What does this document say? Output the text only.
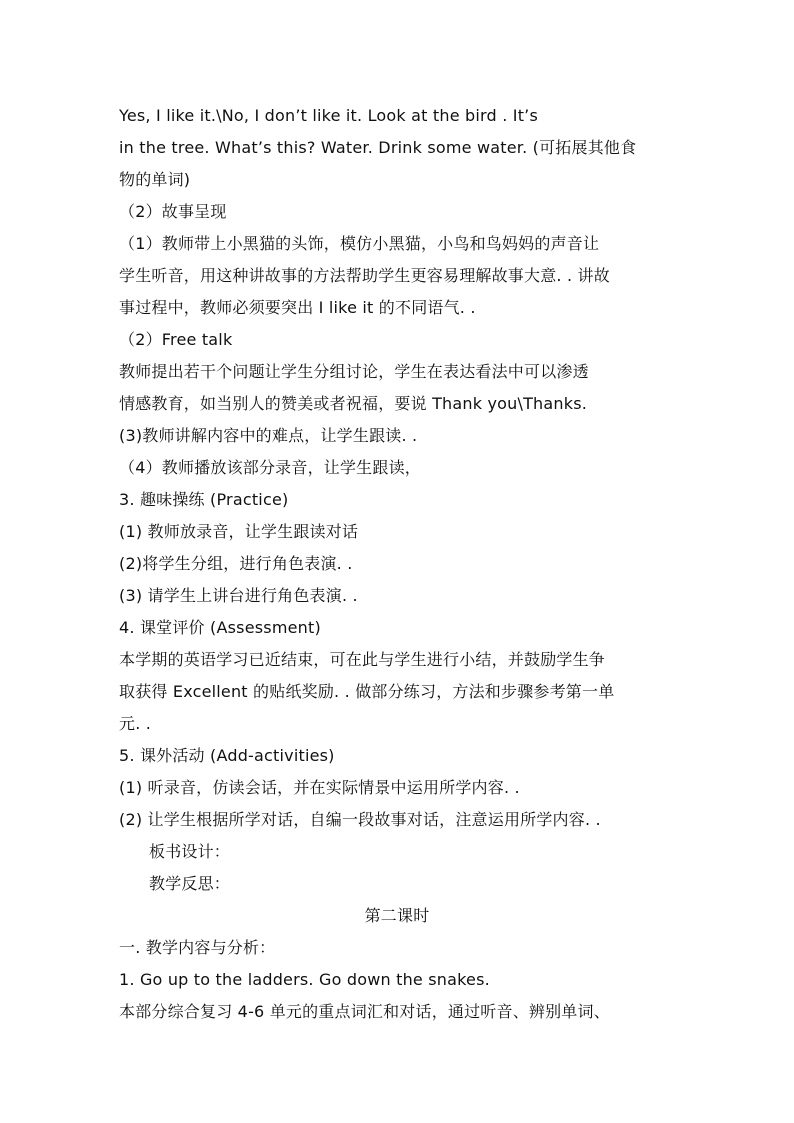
Yes, I like it.\No, I don’t like it. Look at the bird . It’s
in the tree. What’s this? Water. Drink some water. (可拓展其他食
物的单词)
（2）故事呈现
（1）教师带上小黑猫的头饰，模仿小黑猫，小鸟和鸟妈妈的声音让
学生听音，用这种讲故事的方法帮助学生更容易理解故事大意. . 讲故
事过程中，教师必须要突出 I like it 的不同语气. .
（2）Free talk
教师提出若干个问题让学生分组讨论，学生在表达看法中可以渗透
情感教育，如当别人的赞美或者祝福，要说 Thank you\Thanks.
(3)教师讲解内容中的难点，让学生跟读. .
（4）教师播放该部分录音，让学生跟读，
3. 趣味操练 (Practice)
(1) 教师放录音，让学生跟读对话
(2)将学生分组，进行角色表演. .
(3) 请学生上讲台进行角色表演. .
4. 课堂评价 (Assessment)
本学期的英语学习已近结束，可在此与学生进行小结，并鼓励学生争
取获得 Excellent 的贴纸奖励. . 做部分练习，方法和步骤参考第一单
元. .
5. 课外活动 (Add-activities)
(1) 听录音，仿读会话，并在实际情景中运用所学内容. .
(2) 让学生根据所学对话，自编一段故事对话，注意运用所学内容. .
板书设计：
教学反思：
第二课时
一. 教学内容与分析：
1. Go up to the ladders. Go down the snakes.
本部分综合复习 4-6 单元的重点词汇和对话，通过听音、辨别单词、
